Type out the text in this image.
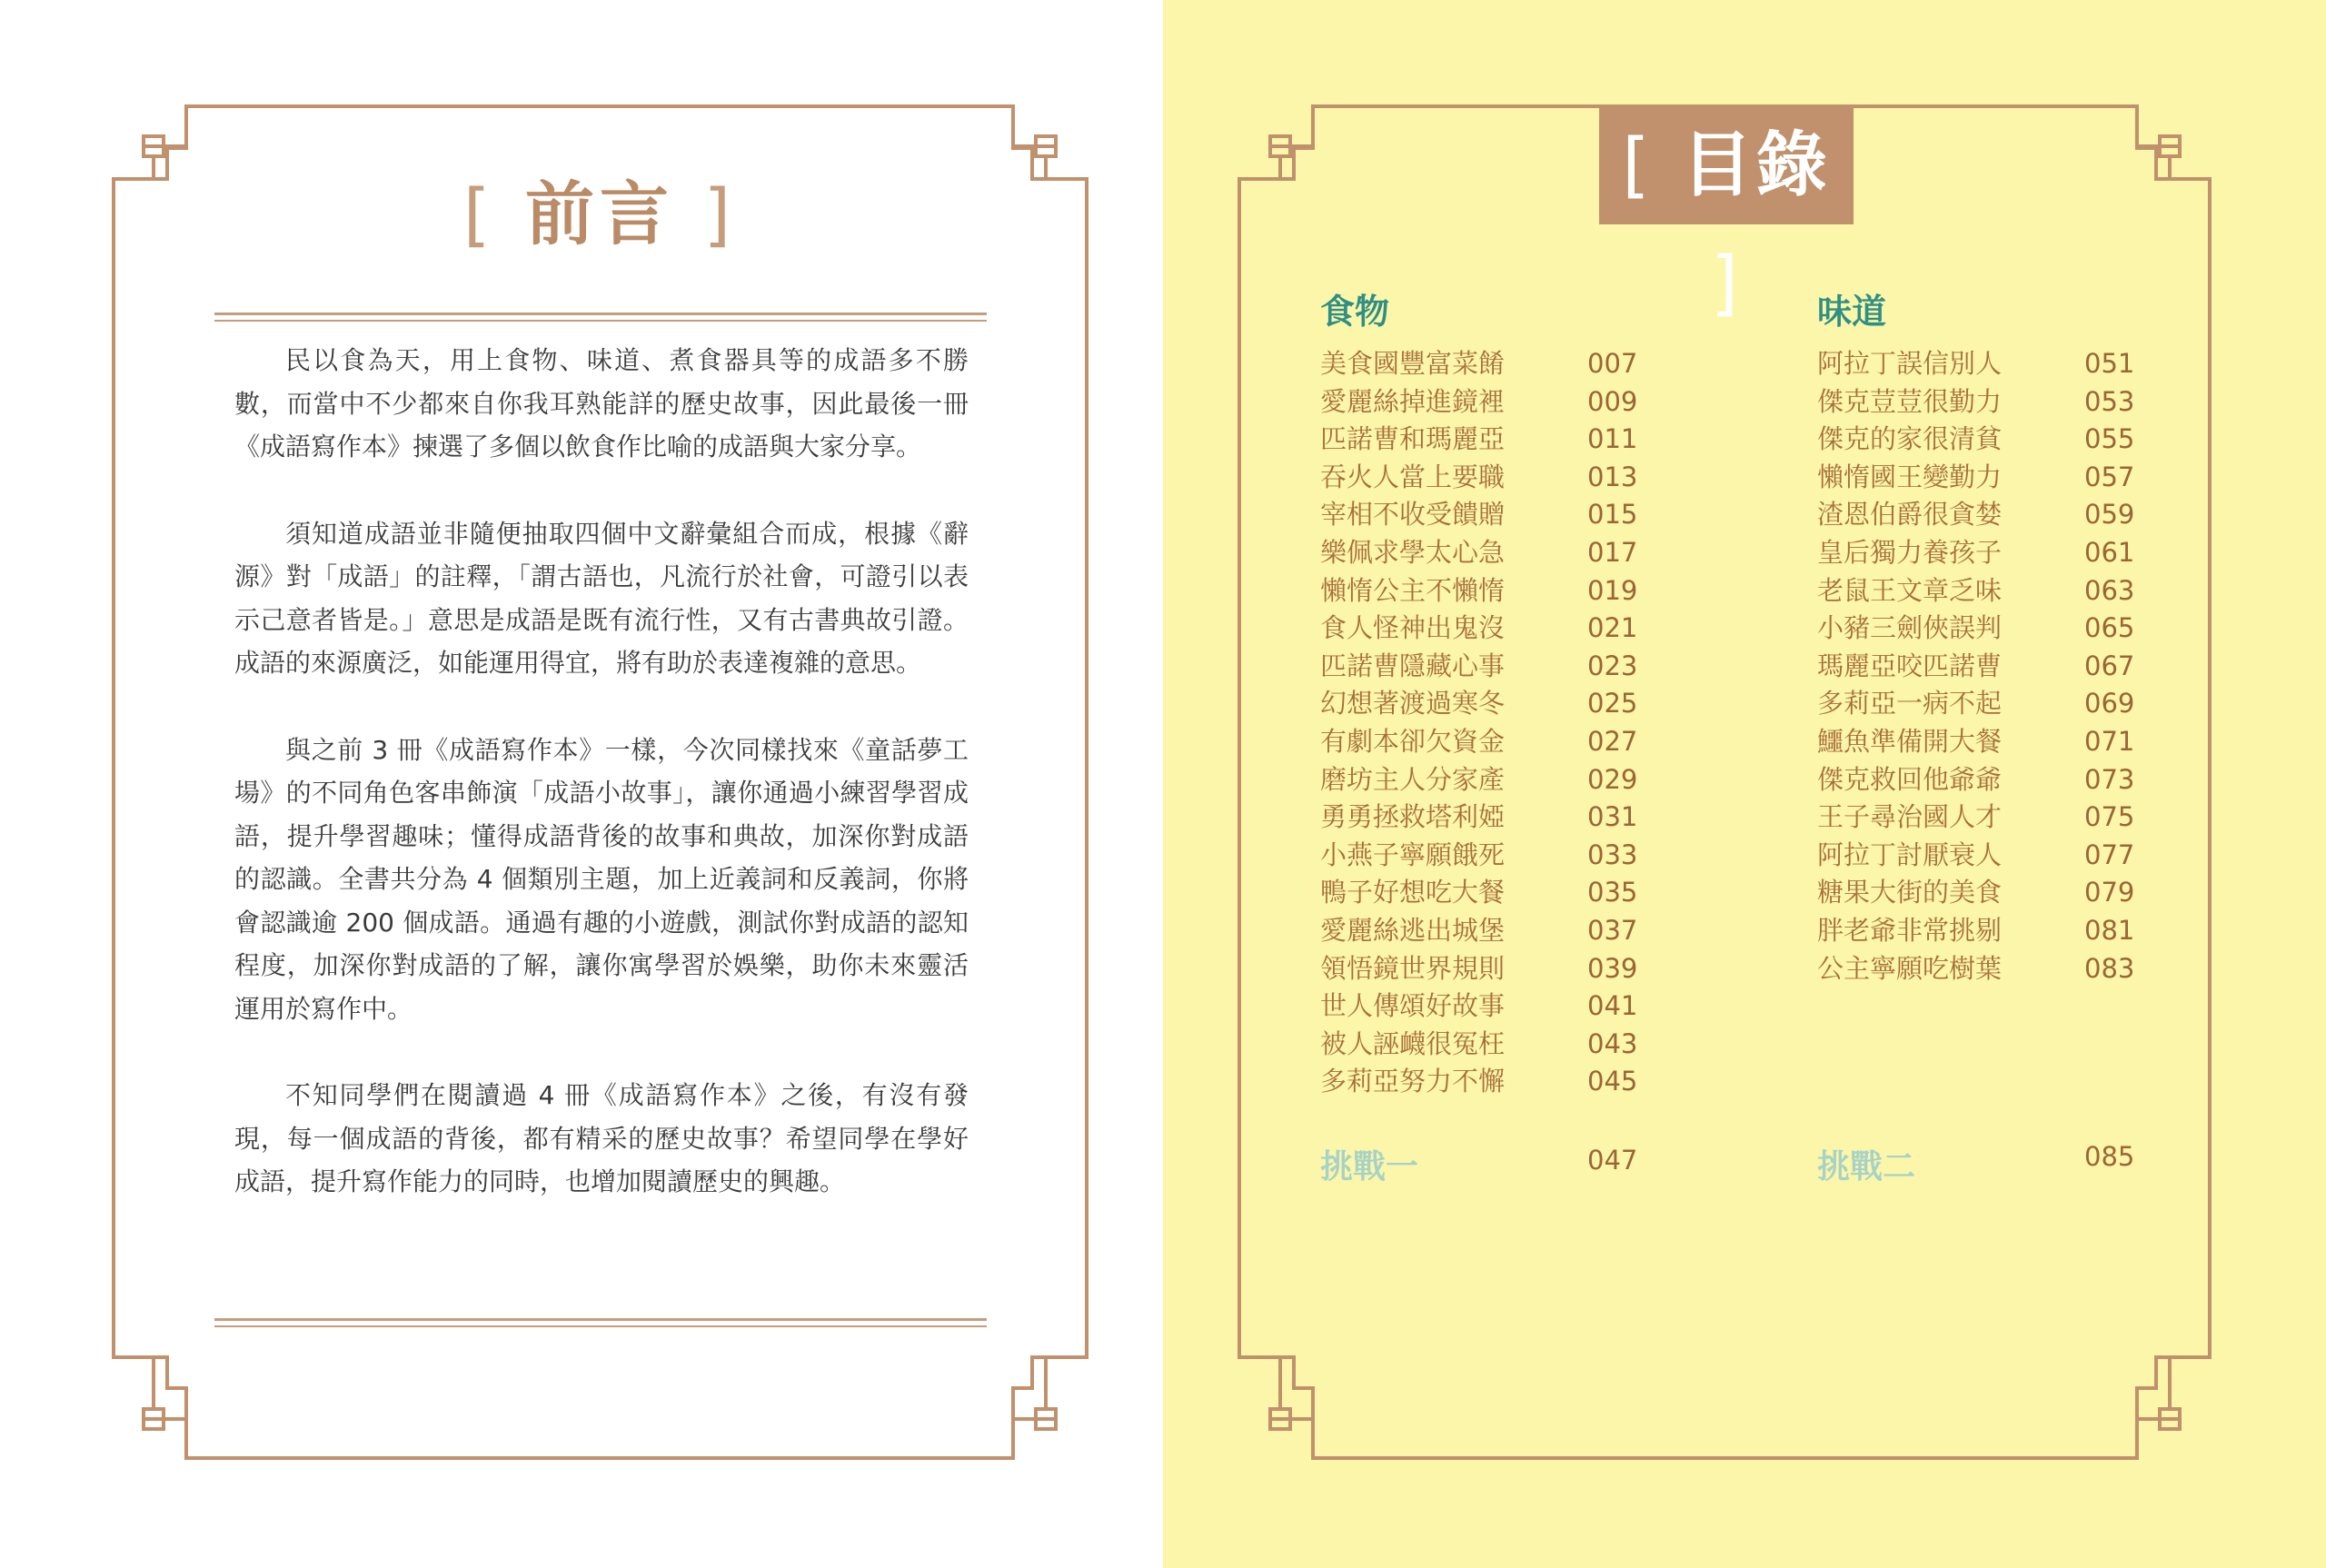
[ 前言 ]

民以食為天，用上食物、味道、煮食器具等的成語多不勝數，而當中不少都來自你我耳熟能詳的歷史故事，因此最後一冊《成語寫作本》揀選了多個以飲食作比喻的成語與大家分享。

須知道成語並非隨便抽取四個中文辭彙組合而成，根據《辭源》對「成語」的註釋，「謂古語也，凡流行於社會，可證引以表示己意者皆是。」意思是成語是既有流行性，又有古書典故引證。成語的來源廣泛，如能運用得宜，將有助於表達複雜的意思。

與之前 3 冊《成語寫作本》一樣，今次同樣找來《童話夢工場》的不同角色客串飾演「成語小故事」，讓你通過小練習學習成語，提升學習趣味；懂得成語背後的故事和典故，加深你對成語的認識。全書共分為 4 個類別主題，加上近義詞和反義詞，你將會認識逾 200 個成語。通過有趣的小遊戲，測試你對成語的認知程度，加深你對成語的了解，讓你寓學習於娛樂，助你未來靈活運用於寫作中。

不知同學們在閱讀過 4 冊《成語寫作本》之後，有沒有發現，每一個成語的背後，都有精采的歷史故事？希望同學在學好成語，提升寫作能力的同時，也增加閱讀歷史的興趣。

[ 目錄 ]
食物
美食國豐富菜餚	007
愛麗絲掉進鏡裡	009
匹諾曹和瑪麗亞	011
吞火人當上要職	013
宰相不收受饋贈	015
樂佩求學太心急	017
懶惰公主不懶惰	019
食人怪神出鬼沒	021
匹諾曹隱藏心事	023
幻想著渡過寒冬	025
有劇本卻欠資金	027
磨坊主人分家產	029
勇勇拯救塔利婭	031
小燕子寧願餓死	033
鴨子好想吃大餐	035
愛麗絲逃出城堡	037
領悟鏡世界規則	039
世人傳頌好故事	041
被人誣衊很冤枉	043
多莉亞努力不懈	045
挑戰一	047
味道
阿拉丁誤信別人	051
傑克荳荳很勤力	053
傑克的家很清貧	055
懶惰國王變勤力	057
渣恩伯爵很貪婪	059
皇后獨力養孩子	061
老鼠王文章乏味	063
小豬三劍俠誤判	065
瑪麗亞咬匹諾曹	067
多莉亞一病不起	069
鱷魚準備開大餐	071
傑克救回他爺爺	073
王子尋治國人才	075
阿拉丁討厭衰人	077
糖果大街的美食	079
胖老爺非常挑剔	081
公主寧願吃樹葉	083
挑戰二	085
